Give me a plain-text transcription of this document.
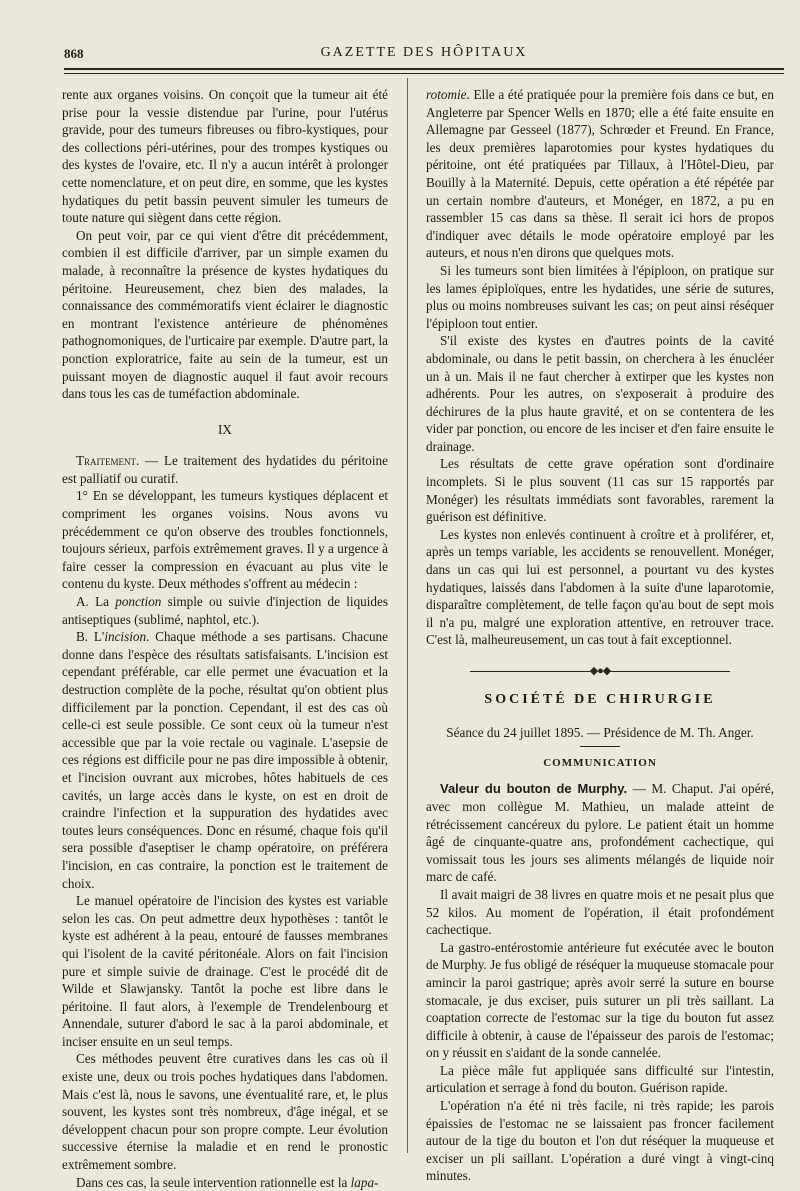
868	GAZETTE DES HÔPITAUX

rente aux organes voisins. On conçoit que la tumeur ait été prise pour la vessie distendue par l'urine, pour l'utérus gravide, pour des tumeurs fibreuses ou fibro-kystiques, pour des collections péri-utérines, pour des trompes kystiques ou des kystes de l'ovaire, etc. Il n'y a aucun intérêt à prolonger cette nomenclature, et on peut dire, en somme, que les kystes hydatiques du petit bassin peuvent simuler les tumeurs de toute nature qui siègent dans cette région.

On peut voir, par ce qui vient d'être dit précédemment, combien il est difficile d'arriver, par un simple examen du malade, à reconnaître la présence de kystes hydatiques du péritoine. Heureusement, chez bien des malades, la connaissance des commémoratifs vient éclairer le diagnostic en montrant l'existence antérieure de phénomènes pathognomoniques, de l'urticaire par exemple. D'autre part, la ponction exploratrice, faite au sein de la tumeur, est un puissant moyen de diagnostic auquel il faut avoir recours dans tous les cas de tuméfaction abdominale.

IX

Traitement. — Le traitement des hydatides du péritoine est palliatif ou curatif.

1° En se développant, les tumeurs kystiques déplacent et compriment les organes voisins. Nous avons vu précédemment ce qu'on observe des troubles fonctionnels, toujours sérieux, parfois extrêmement graves. Il y a urgence à faire cesser la compression en évacuant au plus vite le contenu du kyste. Deux méthodes s'offrent au médecin :

A. La ponction simple ou suivie d'injection de liquides antiseptiques (sublimé, naphtol, etc.).

B. L'incision. Chaque méthode a ses partisans. Chacune donne dans l'espèce des résultats satisfaisants. L'incision est cependant préférable, car elle permet une évacuation et la destruction complète de la poche, résultat qu'on obtient plus difficilement par la ponction. Cependant, il est des cas où celle-ci est seule possible. Ce sont ceux où la tumeur n'est accessible que par la voie rectale ou vaginale. L'asepsie de ces régions est difficile pour ne pas dire impossible à obtenir, et l'incision ouvrant aux microbes, hôtes habituels de ces cavités, un large accès dans le kyste, on est en droit de craindre l'infection et la suppuration des hydatides avec toutes leurs conséquences. Donc en résumé, chaque fois qu'il sera possible d'aseptiser le champ opératoire, on préférera l'incision, en cas contraire, la ponction est le traitement de choix.

Le manuel opératoire de l'incision des kystes est variable selon les cas. On peut admettre deux hypothèses : tantôt le kyste est adhérent à la peau, entouré de fausses membranes qui l'isolent de la cavité péritonéale. Alors on fait l'incision pure et simple suivie de drainage. C'est le procédé dit de Wilde et Slawjansky. Tantôt la poche est libre dans le péritoine. Il faut alors, à l'exemple de Trendelenbourg et Annendale, suturer d'abord le sac à la paroi abdominale, et inciser ensuite en un seul temps.

Ces méthodes peuvent être curatives dans les cas où il existe une, deux ou trois poches hydatiques dans l'abdomen. Mais c'est là, nous le savons, une éventualité rare, et, le plus souvent, les kystes sont très nombreux, d'âge inégal, et se développent chacun pour son propre compte. Leur évolution successive éternise la maladie et en rend le pronostic extrêmement sombre.

Dans ces cas, la seule intervention rationnelle est la lapa-

rotomie. Elle a été pratiquée pour la première fois dans ce but, en Angleterre par Spencer Wells en 1870; elle a été faite ensuite en Allemagne par Gesseel (1877), Schrœder et Freund. En France, les deux premières laparotomies pour kystes hydatiques du péritoine, ont été pratiquées par Tillaux, à l'Hôtel-Dieu, par Bouilly à la Maternité. Depuis, cette opération a été répétée par un certain nombre d'auteurs, et Monéger, en 1872, a pu en rassembler 15 cas dans sa thèse. Il serait ici hors de propos d'indiquer avec détails le mode opératoire employé par les auteurs, et nous n'en dirons que quelques mots.

Si les tumeurs sont bien limitées à l'épiploon, on pratique sur les lames épiploïques, entre les hydatides, une série de sutures, plus ou moins nombreuses suivant les cas; on peut ainsi réséquer l'épiploon tout entier.

S'il existe des kystes en d'autres points de la cavité abdominale, ou dans le petit bassin, on cherchera à les énucléer un à un. Mais il ne faut chercher à extirper que les kystes non adhérents. Pour les autres, on s'exposerait à produire des déchirures de la plus haute gravité, et on se contentera de les vider par ponction, ou encore de les inciser et d'en faire ensuite le drainage.

Les résultats de cette grave opération sont d'ordinaire incomplets. Si le plus souvent (11 cas sur 15 rapportés par Monéger) les résultats immédiats sont favorables, rarement la guérison est définitive.

Les kystes non enlevés continuent à croître et à proliférer, et, après un temps variable, les accidents se renouvellent. Monéger, dans un cas qui lui est personnel, a pourtant vu des kystes hydatiques, laissés dans l'abdomen à la suite d'une laparotomie, disparaître complètement, de telle façon qu'au bout de sept mois il n'a pu, malgré une exploration attentive, en retrouver trace. C'est là, malheureusement, un cas tout à fait exceptionnel.

◆●◆
SOCIÉTÉ DE CHIRURGIE
Séance du 24 juillet 1895. — Présidence de M. Th. Anger.
COMMUNICATION

Valeur du bouton de Murphy. — M. Chaput. J'ai opéré, avec mon collègue M. Mathieu, un malade atteint de rétrécissement cancéreux du pylore. Le patient était un homme âgé de cinquante-quatre ans, profondément cachectique, qui vomissait tous les jours ses aliments mélangés de liquide noir marc de café.

Il avait maigri de 38 livres en quatre mois et ne pesait plus que 52 kilos. Au moment de l'opération, il était profondément cachectique.

La gastro-entérostomie antérieure fut exécutée avec le bouton de Murphy. Je fus obligé de réséquer la muqueuse stomacale pour amincir la paroi gastrique; après avoir serré la suture en bourse stomacale, je dus exciser, puis suturer un pli très saillant. La coaptation correcte de l'estomac sur la tige du bouton fut assez difficile à obtenir, à cause de l'épaisseur des parois de l'estomac; on y réussit en s'aidant de la sonde cannelée.

La pièce mâle fut appliquée sans difficulté sur l'intestin, articulation et serrage à fond du bouton. Guérison rapide.

L'opération n'a été ni très facile, ni très rapide; les parois épaissies de l'estomac ne se laissaient pas froncer facilement autour de la tige du bouton et l'on dut réséquer la muqueuse et exciser un pli saillant. L'opération a duré vingt à vingt-cinq minutes.
